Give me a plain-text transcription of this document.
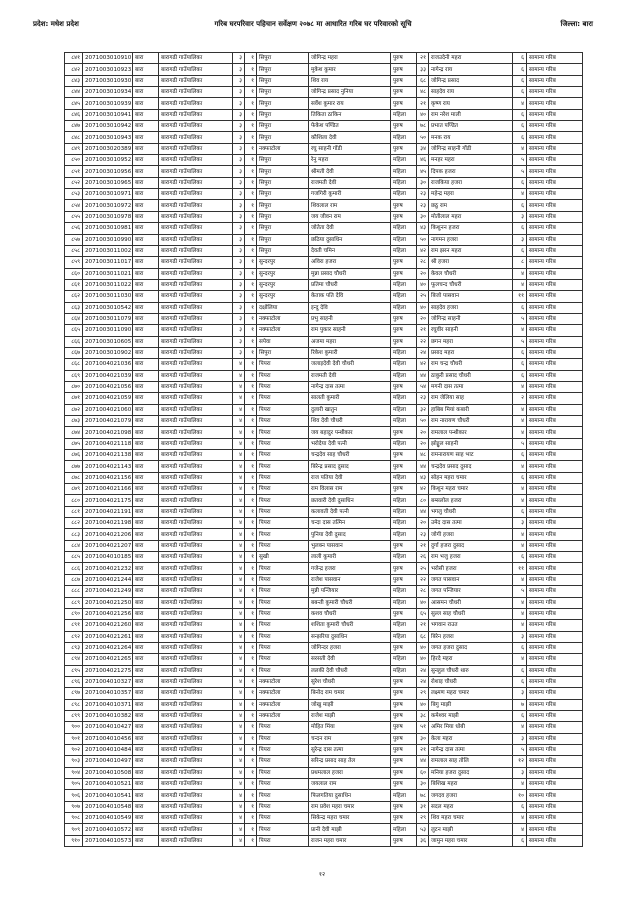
प्रदेश: मधेश प्रदेश	गरिब घरपरिवार पहिचान सर्वेक्षण २०७८ मा आधारित गरिब घर परिवारको सूचि	जिल्ला: बारा
८४१	2071003010910	बारा	बारागढी गाउँपालिका	३	१	सिपुरा	जोगिन्द्र महरा	पुरुष	२१	राजउदेनी महरा	६	सामान्य गरिब
८४२	2071003010923	बारा	बारागढी गाउँपालिका	३	१	सिपुरा	मुकेश कुमार	पुरुष	३३	नागेन्द्र राय	६	सामान्य गरिब
८४३	2071003010930	बारा	बारागढी गाउँपालिका	३	१	सिपुरा	शिव राय	पुरुष	६८	जोगिन्द्र प्रसाद	६	सामान्य गरिब
८४४	2071003010934	बारा	बारागढी गाउँपालिका	३	१	सिपुरा	जोगिन्द्र प्रसाद नुनिया	पुरुष	४८	साहदेव राय	६	सामान्य गरिब
८४५	2071003010939	बारा	बारागढी गाउँपालिका	३	१	सिपुरा	सर्वेश कुमार राय	पुरुष	२१	कृष्ण राय	४	सामान्य गरिब
८४६	2071003010941	बारा	बारागढी गाउँपालिका	३	१	सिपुरा	तिकिता ठाकिन	महिला	४०	राम नरेश माली	६	सामान्य गरिब
८४७	2071003010942	बारा	बारागढी गाउँपालिका	३	१	सिपुरा	फेकेश पण्डित	पुरुष	७८	प्रभात पण्डित	६	सामान्य गरिब
८४८	2071003010943	बारा	बारागढी गाउँपालिका	३	१	सिपुरा	कौशिला देवी	महिला	५०	मनक राय	६	सामान्य गरिब
८४९	2071003020389	बारा	बारागढी गाउँपालिका	३	१	नक्फाटोला	रघु साहनी गोंडी	पुरुष	३४	जोगिन्द्र साहनी गोंडी	४	सामान्य गरिब
८५०	2071003010952	बारा	बारागढी गाउँपालिका	३	१	सिपुरा	रेनु महरा	महिला	४६	मनहर महरा	५	सामान्य गरिब
८५१	2071003010956	बारा	बारागढी गाउँपालिका	३	१	सिपुरा	श्रीमती देवी	महिला	४५	दिपक हजरा	५	सामान्य गरिब
८५२	2071003010965	बारा	बारागढी गाउँपालिका	३	१	सिपुरा	राजमती देवी	महिला	३०	राजकिया हजरा	६	सामान्य गरिब
८५३	2071003010971	बारा	बारागढी गाउँपालिका	३	१	सिपुरा	गजगिरी कुमारी	महिला	२३	महेन्द्र महरा	४	सामान्य गरिब
८५४	2071003010972	बारा	बारागढी गाउँपालिका	३	१	सिपुरा	शिवलाल राम	पुरुष	२३	छठु राम	६	सामान्य गरिब
८५५	2071003010978	बारा	बारागढी गाउँपालिका	३	१	सिपुरा	जय जीवन राम	पुरुष	३०	मोतीलाल महरा	३	सामान्य गरिब
८५६	2071003010981	बारा	बारागढी गाउँपालिका	३	१	सिपुरा	जोतेता देवी	महिला	४३	किशुनन हजरा	६	सामान्य गरिब
८५७	2071003010990	बारा	बारागढी गाउँपालिका	३	१	सिपुरा	छठिया दुसाधिन	महिला	५०	नागमन हजरा	३	सामान्य गरिब
८५८	2071003011002	बारा	बारागढी गाउँपालिका	३	१	सिपुरा	देवती चमिन	महिला	४२	राम झरन महरा	६	सामान्य गरिब
८५९	2071003011017	बारा	बारागढी गाउँपालिका	३	१	सुन्दरपुर	अविरा हजरा	पुरुष	२८	श्री हजरा	८	सामान्य गरिब
८६०	2071003011021	बारा	बारागढी गाउँपालिका	३	१	सुन्दरपुर	मुन्ना प्रसाद चौधरी	पुरुष	२०	केवल चौधरी	४	सामान्य गरिब
८६१	2071003011022	बारा	बारागढी गाउँपालिका	३	१	सुन्दरपुर	प्रतिमा चौधरी	महिला	४०	फूलचन्द चौधरी	४	सामान्य गरिब
८६२	2071003011030	बारा	बारागढी गाउँपालिका	३	१	सुन्दरपुर	केताक पति देवि	महिला	२५	बिजो पासवान	११	सामान्य गरिब
८६३	2071003010542	बारा	बारागढी गाउँपालिका	३	१	दक्षोलिया	इन्दु देवि	महिला	४०	साहदेव हजरा	६	सामान्य गरिब
८६४	2071003011079	बारा	बारागढी गाउँपालिका	३	१	नक्फाटोला	प्रभु साहनी	पुरुष	२०	जोगिन्द्र साहनी	५	सामान्य गरिब
८६५	2071003011090	बारा	बारागढी गाउँपालिका	३	१	नक्फाटोला	राम पुकार साहनी	पुरुष	२१	रघुवीर साहनी	४	सामान्य गरिब
८६६	2071003010605	बारा	बारागढी गाउँपालिका	३	१	सपेवा	अजमा महरा	पुरुष	२२	छगन महरा	५	सामान्य गरिब
८६७	2071003010902	बारा	बारागढी गाउँपालिका	३	१	सिपुरा	रिकेश कुमारी	महिला	२४	प्रसाद महरा	६	सामान्य गरिब
८६८	2071004021036	बारा	बारागढी गाउँपालिका	४	१	पिपरा	जलाइदेवी देवी चौधरी	महिला	४२	राम चन्द्र चौधरी	६	सामान्य गरिब
८६९	2071004021039	बारा	बारागढी गाउँपालिका	४	१	पिपरा	राजमती देवी	महिला	४४	ठाकुरी प्रसाद चौधरी	६	सामान्य गरिब
८७०	2071004021056	बारा	बारागढी गाउँपालिका	४	१	पिपरा	नागेन्द्र दास तत्मा	पुरुष	५४	मगनी दास तत्मा	४	सामान्य गरिब
८७१	2071004021059	बारा	बारागढी गाउँपालिका	४	१	पिपरा	सालती कुमारी	महिला	२३	राम जेलिया साह	२	सामान्य गरिब
८७२	2071004021060	बारा	बारागढी गाउँपालिका	४	१	पिपरा	दुलारी खातुन	महिला	३२	हाबिब मियां कबारी	४	सामान्य गरिब
८७३	2071004021079	बारा	बारागढी गाउँपालिका	४	१	पिपरा	शिव देवी चौधरी	महिला	५०	राम नारायण चौधरी	४	सामान्य गरिब
८७४	2071004021098	बारा	बारागढी गाउँपालिका	४	१	पिपरा	जय बहादुर पन्थीकार	पुरुष	२०	रामलाल पन्थीकार	४	सामान्य गरिब
८७५	2071004021118	बारा	बारागढी गाउँपालिका	४	१	पिपरा	भरोदेया देवी पत्नी	महिला	२०	झोड्डुल साहनी	५	सामान्य गरिब
८७६	2071004021138	बारा	बारागढी गाउँपालिका	४	१	पिपरा	चन्द्रदेव साह चौधरी	पुरुष	४८	रामनारायण साह भाट	६	सामान्य गरिब
८७७	2071004021143	बारा	बारागढी गाउँपालिका	४	१	पिपरा	बिरेन्द्र प्रसाद दुसाद	पुरुष	४४	चन्द्रदेव प्रसाद दुसाद	४	सामान्य गरिब
८७८	2071004021156	बारा	बारागढी गाउँपालिका	४	१	पिपरा	राज पतिया देवी	महिला	४३	सोहन महरा चमार	६	सामान्य गरिब
८७९	2071004021166	बारा	बारागढी गाउँपालिका	४	१	पिपरा	राम विलास राम	पुरुष	४२	किशुन महरा चमार	४	सामान्य गरिब
८८०	2071004021175	बारा	बारागढी गाउँपालिका	४	१	पिपरा	छतवारी देवी दुसाधिन	महिला	८०	बम्सलोल हजरा	४	सामान्य गरिब
८८१	2071004021191	बारा	बारागढी गाउँपालिका	४	१	पिपरा	कलावती देवी पत्नी	महिला	४४	भगलु चौधरी	६	सामान्य गरिब
८८२	2071004021198	बारा	बारागढी गाउँपालिका	४	१	पिपरा	चन्दा दास तत्मिन	महिला	२०	उमेद दास तत्मा	३	सामान्य गरिब
८८३	2071004021206	बारा	बारागढी गाउँपालिका	४	१	पिपरा	पुनिया देवी दुसाद	महिला	२३	जोगी हजरा	४	सामान्य गरिब
८८४	2071004021207	बारा	बारागढी गाउँपालिका	४	१	पिपरा	भुलक्न पासवान	पुरुष	२१	दुर्गा हजरा दुसाद	४	सामान्य गरिब
८८५	2071004010185	बारा	बारागढी गाउँपालिका	४	१	सुखी	लाली कुमारी	महिला	२६	राम भजु हजरा	६	सामान्य गरिब
८८६	2071004021232	बारा	बारागढी गाउँपालिका	४	१	पिपरा	गजेन्द्र हजरा	पुरुष	२५	भरोसी हजरा	११	सामान्य गरिब
८८७	2071004021244	बारा	बारागढी गाउँपालिका	४	१	पिपरा	राजेश पासवान	पुरुष	२२	जगत पासवान	४	सामान्य गरिब
८८८	2071004021249	बारा	बारागढी गाउँपालिका	४	१	पिपरा	मुन्नी पन्जियार	महिला	२८	जगत पन्जियार	५	सामान्य गरिब
८८९	2071004021250	बारा	बारागढी गाउँपालिका	४	१	पिपरा	बबन्ती कुमारी चौधरी	महिला	४०	आसमन चौधरी	४	सामान्य गरिब
८९०	2071004021256	बारा	बारागढी गाउँपालिका	४	१	पिपरा	कशव चौधरी	पुरुष	६५	सुल्ल साह चौधरी	४	सामान्य गरिब
८९१	2071004021260	बारा	बारागढी गाउँपालिका	४	१	पिपरा	शशिता कुमारी चौधरी	महिला	२१	भगवान राउत	४	सामान्य गरिब
८९२	2071004021261	बारा	बारागढी गाउँपालिका	४	१	पिपरा	सन्झरिया दुसाधिन	महिला	६८	बिरेन हजरा	३	सामान्य गरिब
८९३	2071004021264	बारा	बारागढी गाउँपालिका	४	१	पिपरा	जोगिन्दर हजरा	पुरुष	४०	जगत हजरा दुसाद	६	सामान्य गरिब
८९४	2071004021265	बारा	बारागढी गाउँपालिका	४	१	पिपरा	सरसती देवी	महिला	४०	हिरदे महरा	४	सामान्य गरिब
८९५	2071004021275	बारा	बारागढी गाउँपालिका	४	१	पिपरा	ललकी देवी चौधरी	महिला	२४	सुनहुल चौधरी थारु	६	सामान्य गरिब
८९६	2071004010327	बारा	बारागढी गाउँपालिका	४	१	नक्फाटोला	सुरेश चौधरी	पुरुष	२४	रोशाइ चौधरी	६	सामान्य गरिब
८९७	2071004010357	बारा	बारागढी गाउँपालिका	४	१	नक्फाटोला	बिनोद राम चमार	पुरुष	२९	लक्ष्मण महरा चमार	३	सामान्य गरिब
८९८	2071004010371	बारा	बारागढी गाउँपालिका	४	१	नक्फाटोला	जोखु माझी	पुरुष	४०	बिगु माझी	७	सामान्य गरिब
८९९	2071004010382	बारा	बारागढी गाउँपालिका	४	१	नक्फाटोला	राजेश माझी	पुरुष	३८	कमेश्वर माझी	६	सामान्य गरिब
९००	2071004010427	बारा	बारागढी गाउँपालिका	४	१	पिपरा	मोहित मिंया	पुरुष	५१	अमिर मिया धोबी	४	सामान्य गरिब
९०१	2071004010456	बारा	बारागढी गाउँपालिका	४	१	पिपरा	चन्दन राम	पुरुष	३०	केला महरा	३	सामान्य गरिब
९०२	2071004010484	बारा	बारागढी गाउँपालिका	४	१	पिपरा	सुरेन्द्र दास तत्मा	पुरुष	२१	नागेन्द्र दास तत्मा	५	सामान्य गरिब
९०३	2071004010497	बारा	बारागढी गाउँपालिका	४	१	पिपरा	सरिन्द्र प्रसाद साह तेल	पुरुष	४४	रामलाल साह तोलि	१२	सामान्य गरिब
९०४	2071004010508	बारा	बारागढी गाउँपालिका	४	१	पिपरा	प्रथमलाल हजरा	पुरुष	६०	मनिया हजरा दुसाद	३	सामान्य गरिब
९०५	2071004010521	बारा	बारागढी गाउँपालिका	४	१	पिपरा	जयलाल राम	पुरुष	३०	बिशिख महरा	४	सामान्य गरिब
९०६	2071004010541	बारा	बारागढी गाउँपालिका	४	१	पिपरा	फिलगतिया दुसाधिन	महिला	७८	जगदव हजरा	१०	सामान्य गरिब
९०७	2071004010548	बारा	बारागढी गाउँपालिका	४	१	पिपरा	राम प्रवेश महरा चमार	पुरुष	३१	सदल महरा	६	सामान्य गरिब
९०८	2071004010549	बारा	बारागढी गाउँपालिका	४	१	पिपरा	सिकेन्द्र महरा चमार	पुरुष	२९	शिव महरा चमार	४	सामान्य गरिब
९०९	2071004010572	बारा	बारागढी गाउँपालिका	४	१	पिपरा	प्रानी देवी माझी	महिला	५३	लुटन माझी	४	सामान्य गरिब
९१०	2071004010573	बारा	बारागढी गाउँपालिका	४	१	पिपरा	राजन महरा चमार	पुरुष	३६	जामुन महरा चमार	६	सामान्य गरिब
१२
